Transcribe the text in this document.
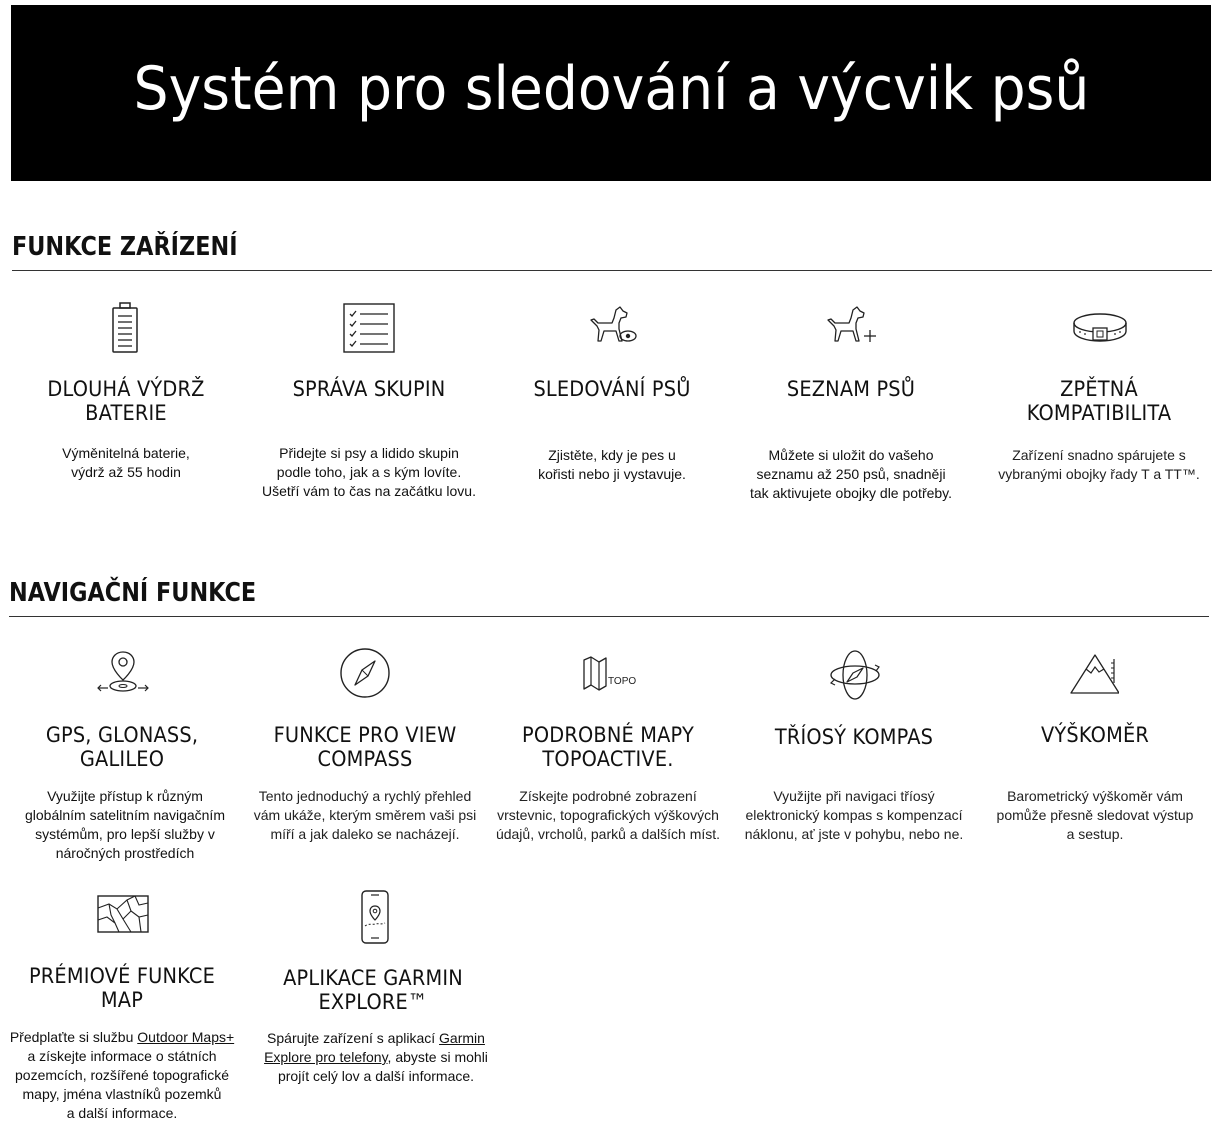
Systém pro sledování a výcvik psů
FUNKCE ZAŘÍZENÍ
DLOUHÁ VÝDRŽ
BATERIE
Výměnitelná baterie,
výdrž až 55 hodin
SPRÁVA SKUPIN
Přidejte si psy a lidido skupin
podle toho, jak a s kým lovíte.
Ušetří vám to čas na začátku lovu.
SLEDOVÁNÍ PSŮ
Zjistěte, kdy je pes u
kořisti nebo ji vystavuje.
SEZNAM PSŮ
Můžete si uložit do vašeho
seznamu až 250 psů, snadněji
tak aktivujete obojky dle potřeby.
ZPĚTNÁ KOMPATIBILITA
Zařízení snadno spárujete s
vybranými obojky řady T a TT™.
NAVIGAČNÍ FUNKCE
GPS, GLONASS,
GALILEO
Využijte přístup k různým
globálním satelitním navigačním
systémům, pro lepší služby v
náročných prostředích
FUNKCE PRO VIEW
COMPASS
Tento jednoduchý a rychlý přehled
vám ukáže, kterým směrem vaši psi
míří a jak daleko se nacházejí.
TOPO
PODROBNÉ MAPY
TOPOACTIVE.
Získejte podrobné zobrazení
vrstevnic, topografických výškových
údajů, vrcholů, parků a dalších míst.
TŘÍOSÝ KOMPAS
Využijte při navigaci tříosý
elektronický kompas s kompenzací
náklonu, ať jste v pohybu, nebo ne.
VÝŠKOMĚR
Barometrický výškoměr vám
pomůže přesně sledovat výstup
a sestup.
PRÉMIOVÉ FUNKCE
MAP
Předplaťte si službu Outdoor Maps+
a získejte informace o státních
pozemcích, rozšířené topografické
mapy, jména vlastníků pozemků
a další informace.
APLIKACE GARMIN
EXPLORE™
Spárujte zařízení s aplikací Garmin
Explore pro telefony, abyste si mohli
projít celý lov a další informace.
